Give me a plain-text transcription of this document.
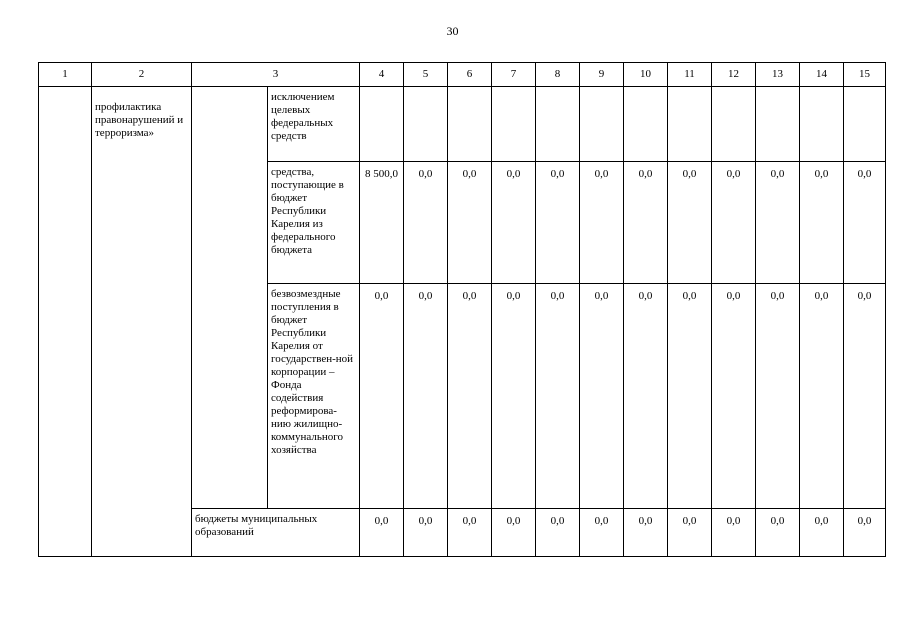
30
1	2	3		4	5	6	7	8	9	10	11	12	13	14	15
	профилактика правонарушений и терроризма»		исключением целевых федеральных средств												
			средства, поступающие в бюджет Республики Карелия из федерального бюджета	8 500,0	0,0	0,0	0,0	0,0	0,0	0,0	0,0	0,0	0,0	0,0	0,0
			безвозмездные поступления в бюджет Республики Карелия от государствен-ной корпорации – Фонда содействия реформирова-нию жилищно-коммунального хозяйства	0,0	0,0	0,0	0,0	0,0	0,0	0,0	0,0	0,0	0,0	0,0	0,0
		бюджеты муниципальных образований		0,0	0,0	0,0	0,0	0,0	0,0	0,0	0,0	0,0	0,0	0,0	0,0
